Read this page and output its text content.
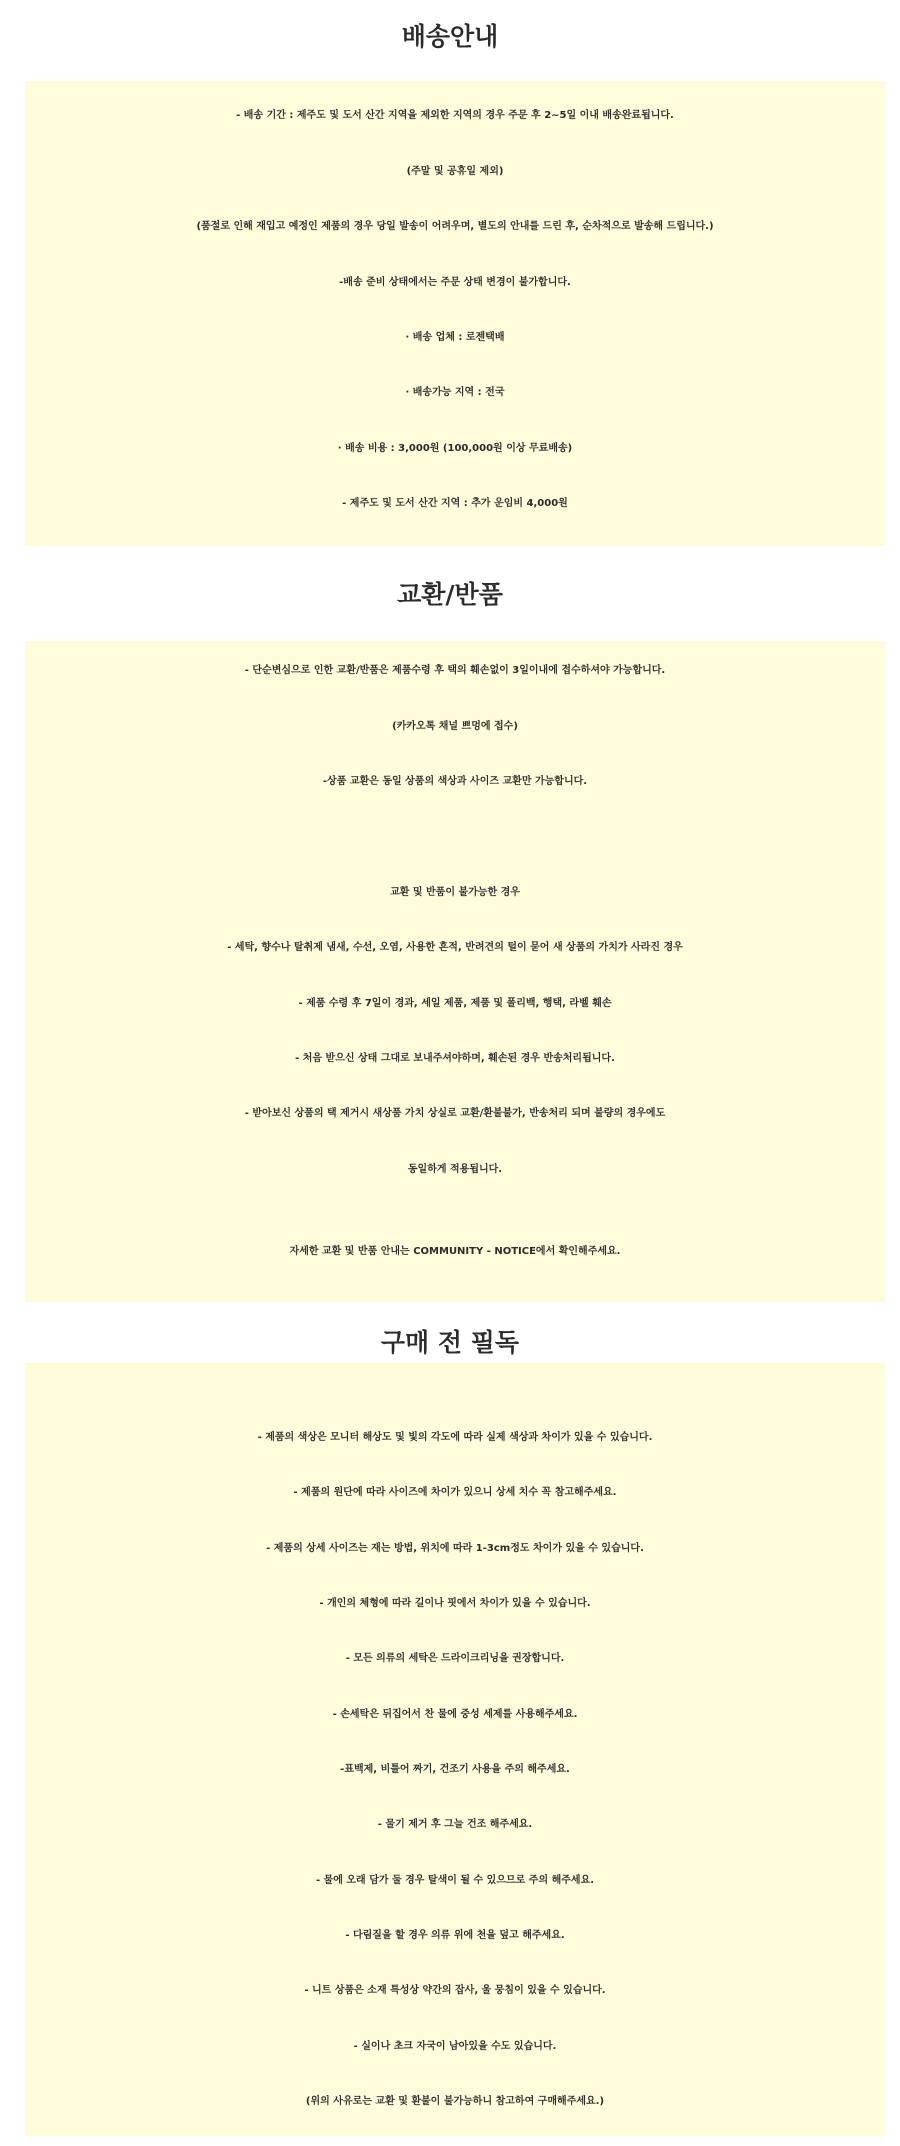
배송안내
- 배송 기간 : 제주도 및 도서 산간 지역을 제외한 지역의 경우 주문 후 2~5일 이내 배송완료됩니다.
(주말 및 공휴일 제외)
(품절로 인해 재입고 예정인 제품의 경우 당일 발송이 어려우며, 별도의 안내를 드린 후, 순차적으로 발송해 드립니다.)
-배송 준비 상태에서는 주문 상태 변경이 불가합니다.
· 배송 업체 : 로젠택배
· 배송가능 지역 : 전국
· 배송 비용 : 3,000원 (100,000원 이상 무료배송)
- 제주도 및 도서 산간 지역 : 추가 운임비 4,000원
교환/반품
- 단순변심으로 인한 교환/반품은 제품수령 후 택의 훼손없이 3일이내에 접수하셔야 가능합니다.
(카카오톡 채널 쁘멍에 접수)
-상품 교환은 동일 상품의 색상과 사이즈 교환만 가능합니다.
교환 및 반품이 불가능한 경우
- 세탁, 향수나 탈취제 냄새, 수선, 오염, 사용한 흔적, 반려견의 털이 묻어 새 상품의 가치가 사라진 경우
- 제품 수령 후 7일이 경과, 세일 제품, 제품 및 폴리백, 행택, 라벨 훼손
- 처음 받으신 상태 그대로 보내주셔야하며, 훼손된 경우 반송처리됩니다.
- 받아보신 상품의 택 제거시 새상품 가치 상실로 교환/환불불가, 반송처리 되며 불량의 경우에도
동일하게 적용됩니다.
자세한 교환 및 반품 안내는 COMMUNITY - NOTICE에서 확인해주세요.
구매 전 필독
- 제품의 색상은 모니터 해상도 및 빛의 각도에 따라 실제 색상과 차이가 있을 수 있습니다.
- 제품의 원단에 따라 사이즈에 차이가 있으니 상세 치수 꼭 참고해주세요.
- 제품의 상세 사이즈는 재는 방법, 위치에 따라 1-3cm정도 차이가 있을 수 있습니다.
- 개인의 체형에 따라 길이나 핏에서 차이가 있을 수 있습니다.
- 모든 의류의 세탁은 드라이크리닝을 권장합니다.
- 손세탁은 뒤집어서 찬 물에 중성 세제를 사용해주세요.
-표백제, 비틀어 짜기, 건조기 사용을 주의 해주세요.
- 물기 제거 후 그늘 건조 해주세요.
- 물에 오래 담가 둘 경우 탈색이 될 수 있으므로 주의 해주세요.
- 다림질을 할 경우 의류 위에 천을 덮고 해주세요.
- 니트 상품은 소재 특성상 약간의 잡사, 울 뭉침이 있을 수 있습니다.
- 실이나 초크 자국이 남아있을 수도 있습니다.
(위의 사유로는 교환 및 환불이 불가능하니 참고하여 구매해주세요.)
